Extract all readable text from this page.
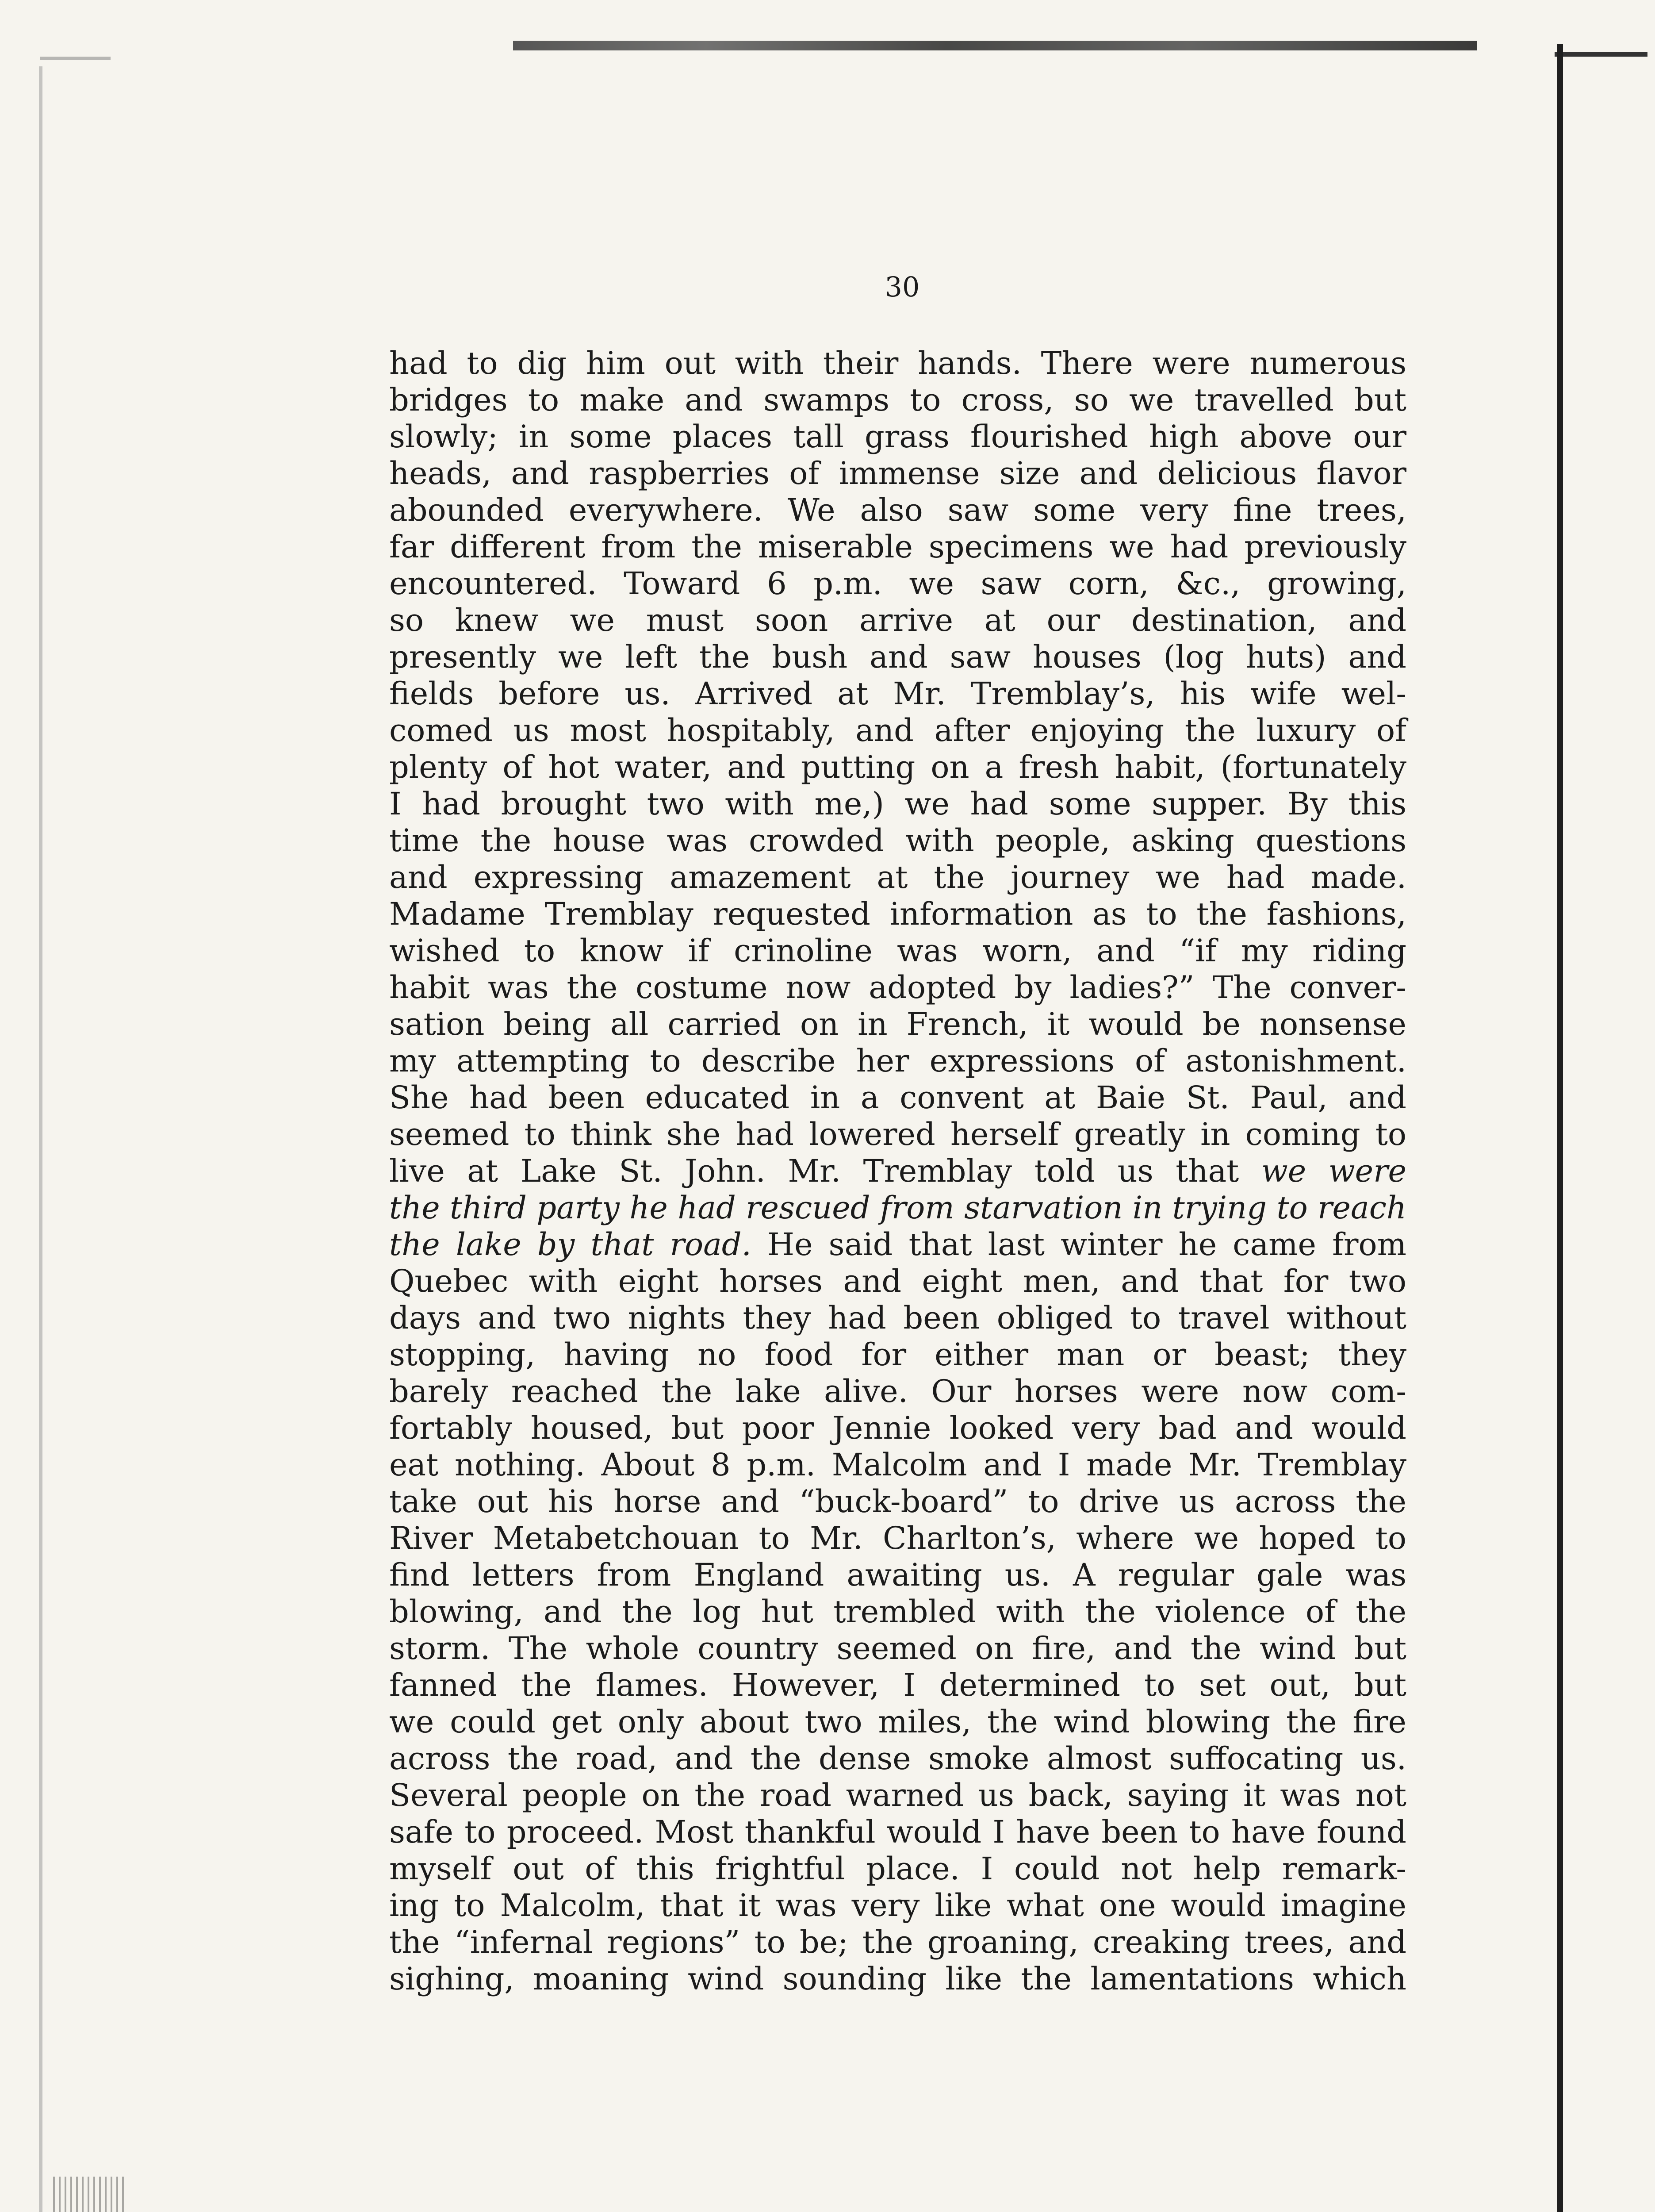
30
had to dig him out with their hands. There were numerous
bridges to make and swamps to cross, so we travelled but
slowly; in some places tall grass flourished high above our
heads, and raspberries of immense size and delicious flavor
abounded everywhere. We also saw some very fine trees,
far different from the miserable specimens we had previously
encountered. Toward 6 p.m. we saw corn, &c., growing,
so knew we must soon arrive at our destination, and
presently we left the bush and saw houses (log huts) and
fields before us. Arrived at Mr. Tremblay’s, his wife wel-
comed us most hospitably, and after enjoying the luxury of
plenty of hot water, and putting on a fresh habit, (fortunately
I had brought two with me,) we had some supper. By this
time the house was crowded with people, asking questions
and expressing amazement at the journey we had made.
Madame Tremblay requested information as to the fashions,
wished to know if crinoline was worn, and “if my riding
habit was the costume now adopted by ladies?” The conver-
sation being all carried on in French, it would be nonsense
my attempting to describe her expressions of astonishment.
She had been educated in a convent at Baie St. Paul, and
seemed to think she had lowered herself greatly in coming to
live at Lake St. John. Mr. Tremblay told us that we were
the third party he had rescued from starvation in trying to reach
the lake by that road. He said that last winter he came from
Quebec with eight horses and eight men, and that for two
days and two nights they had been obliged to travel without
stopping, having no food for either man or beast; they
barely reached the lake alive. Our horses were now com-
fortably housed, but poor Jennie looked very bad and would
eat nothing. About 8 p.m. Malcolm and I made Mr. Tremblay
take out his horse and “buck-board” to drive us across the
River Metabetchouan to Mr. Charlton’s, where we hoped to
find letters from England awaiting us. A regular gale was
blowing, and the log hut trembled with the violence of the
storm. The whole country seemed on fire, and the wind but
fanned the flames. However, I determined to set out, but
we could get only about two miles, the wind blowing the fire
across the road, and the dense smoke almost suffocating us.
Several people on the road warned us back, saying it was not
safe to proceed. Most thankful would I have been to have found
myself out of this frightful place. I could not help remark-
ing to Malcolm, that it was very like what one would imagine
the “infernal regions” to be; the groaning, creaking trees, and
sighing, moaning wind sounding like the lamentations which
